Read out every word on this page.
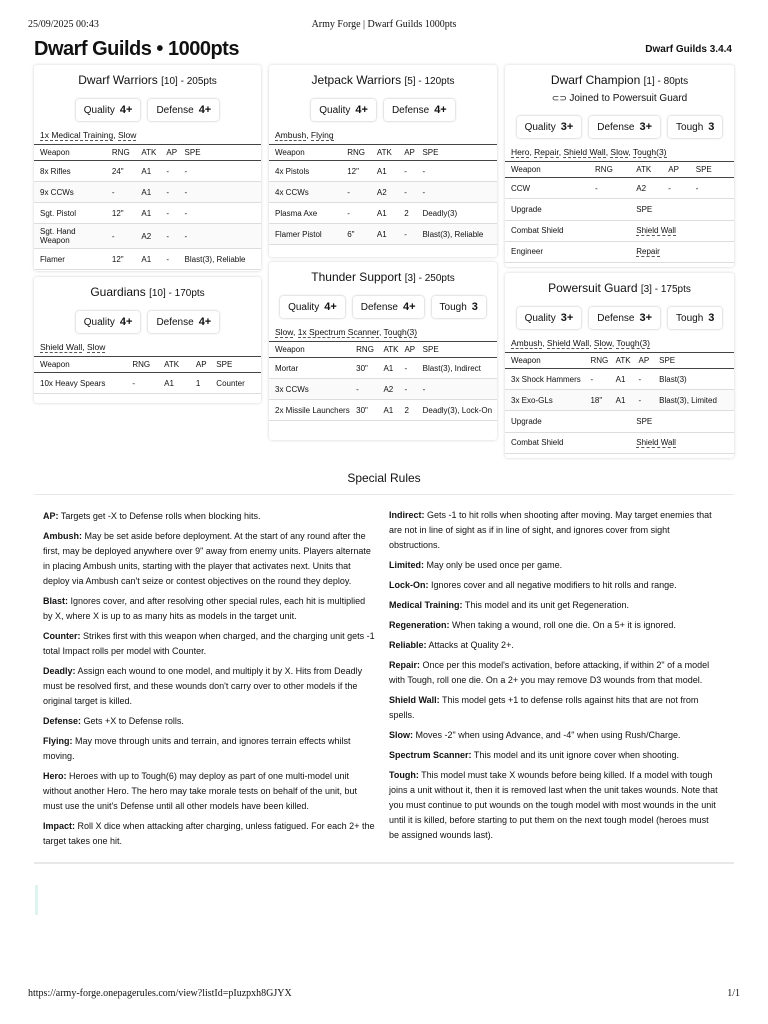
25/09/2025 00:43	Army Forge | Dwarf Guilds 1000pts
Dwarf Guilds • 1000pts	Dwarf Guilds 3.4.4
Dwarf Warriors [10] - 205pts
Quality 4+ Defense 4+
1x Medical Training, Slow
Weapon	RNG	ATK	AP	SPE
8x Rifles	24"	A1	-	-
9x CCWs	-	A1	-	-
Sgt. Pistol	12"	A1	-	-
Sgt. Hand Weapon	-	A2	-	-
Flamer	12"	A1	-	Blast(3), Reliable
Guardians [10] - 170pts
Quality 4+ Defense 4+
Shield Wall, Slow
Weapon	RNG	ATK	AP	SPE
10x Heavy Spears	-	A1	1	Counter
Jetpack Warriors [5] - 120pts
Quality 4+ Defense 4+
Ambush, Flying
Weapon	RNG	ATK	AP	SPE
4x Pistols	12"	A1	-	-
4x CCWs	-	A2	-	-
Plasma Axe	-	A1	2	Deadly(3)
Flamer Pistol	6"	A1	-	Blast(3), Reliable
Thunder Support [3] - 250pts
Quality 4+ Defense 4+ Tough 3
Slow, 1x Spectrum Scanner, Tough(3)
Weapon	RNG	ATK	AP	SPE
Mortar	30"	A1	-	Blast(3), Indirect
3x CCWs	-	A2	-	-
2x Missile Launchers	30"	A1	2	Deadly(3), Lock-On
Dwarf Champion [1] - 80pts
⊂⊃ Joined to Powersuit Guard
Quality 3+ Defense 3+ Tough 3
Hero, Repair, Shield Wall, Slow, Tough(3)
Weapon	RNG	ATK	AP	SPE
CCW	-	A2	-	-
Upgrade	SPE
Combat Shield	Shield Wall
Engineer	Repair
Powersuit Guard [3] - 175pts
Quality 3+ Defense 3+ Tough 3
Ambush, Shield Wall, Slow, Tough(3)
Weapon	RNG	ATK	AP	SPE
3x Shock Hammers	-	A1	-	Blast(3)
3x Exo-GLs	18"	A1	-	Blast(3), Limited
Upgrade	SPE
Combat Shield	Shield Wall
Special Rules

AP: Targets get -X to Defense rolls when blocking hits.

Ambush: May be set aside before deployment. At the start of any round after the first, may be deployed anywhere over 9" away from enemy units. Players alternate in placing Ambush units, starting with the player that activates next. Units that deploy via Ambush can't seize or contest objectives on the round they deploy.

Blast: Ignores cover, and after resolving other special rules, each hit is multiplied by X, where X is up to as many hits as models in the target unit.

Counter: Strikes first with this weapon when charged, and the charging unit gets -1 total Impact rolls per model with Counter.

Deadly: Assign each wound to one model, and multiply it by X. Hits from Deadly must be resolved first, and these wounds don't carry over to other models if the original target is killed.

Defense: Gets +X to Defense rolls.

Flying: May move through units and terrain, and ignores terrain effects whilst moving.

Hero: Heroes with up to Tough(6) may deploy as part of one multi-model unit without another Hero. The hero may take morale tests on behalf of the unit, but must use the unit's Defense until all other models have been killed.

Impact: Roll X dice when attacking after charging, unless fatigued. For each 2+ the target takes one hit.

Indirect: Gets -1 to hit rolls when shooting after moving. May target enemies that are not in line of sight as if in line of sight, and ignores cover from sight obstructions.

Limited: May only be used once per game.

Lock-On: Ignores cover and all negative modifiers to hit rolls and range.

Medical Training: This model and its unit get Regeneration.

Regeneration: When taking a wound, roll one die. On a 5+ it is ignored.

Reliable: Attacks at Quality 2+.

Repair: Once per this model's activation, before attacking, if within 2" of a model with Tough, roll one die. On a 2+ you may remove D3 wounds from that model.

Shield Wall: This model gets +1 to defense rolls against hits that are not from spells.

Slow: Moves -2" when using Advance, and -4" when using Rush/Charge.

Spectrum Scanner: This model and its unit ignore cover when shooting.

Tough: This model must take X wounds before being killed. If a model with tough joins a unit without it, then it is removed last when the unit takes wounds. Note that you must continue to put wounds on the tough model with most wounds in the unit until it is killed, before starting to put them on the next tough model (heroes must be assigned wounds last).

https://army-forge.onepagerules.com/view?listId=pIuzpxh8GJYX	1/1
